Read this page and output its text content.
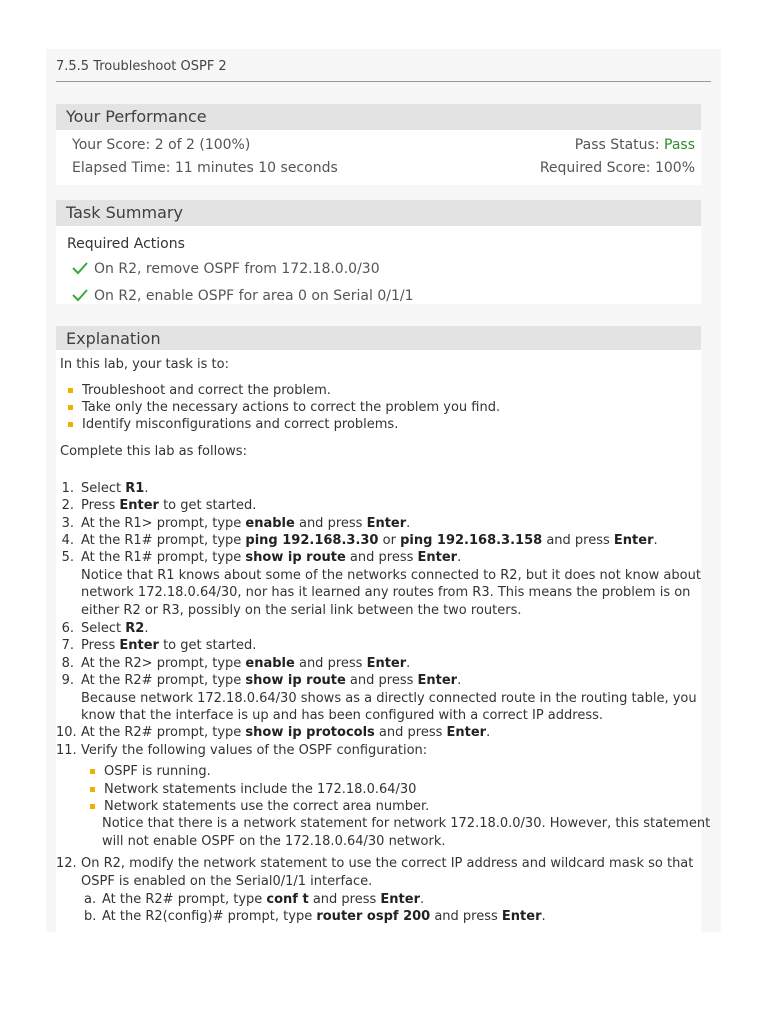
7.5.5 Troubleshoot OSPF 2
Your Performance
Your Score: 2 of 2 (100%)	Pass Status: Pass
Elapsed Time: 11 minutes 10 seconds	Required Score: 100%
Task Summary
Required Actions
On R2, remove OSPF from 172.18.0.0/30
On R2, enable OSPF for area 0 on Serial 0/1/1
Explanation

In this lab, your task is to:

Troubleshoot and correct the problem.
Take only the necessary actions to correct the problem you find.
Identify misconfigurations and correct problems.

Complete this lab as follows:

1. Select R1.
2. Press Enter to get started.
3. At the R1> prompt, type enable and press Enter.
4. At the R1# prompt, type ping 192.168.3.30 or ping 192.168.3.158 and press Enter.
5. At the R1# prompt, type show ip route and press Enter.
Notice that R1 knows about some of the networks connected to R2, but it does not know about
network 172.18.0.64/30, nor has it learned any routes from R3. This means the problem is on
either R2 or R3, possibly on the serial link between the two routers.
6. Select R2.
7. Press Enter to get started.
8. At the R2> prompt, type enable and press Enter.
9. At the R2# prompt, type show ip route and press Enter.
Because network 172.18.0.64/30 shows as a directly connected route in the routing table, you
know that the interface is up and has been configured with a correct IP address.
10. At the R2# prompt, type show ip protocols and press Enter.
11. Verify the following values of the OSPF configuration:
OSPF is running.
Network statements include the 172.18.0.64/30
Network statements use the correct area number.
Notice that there is a network statement for network 172.18.0.0/30. However, this statement
will not enable OSPF on the 172.18.0.64/30 network.
12. On R2, modify the network statement to use the correct IP address and wildcard mask so that
OSPF is enabled on the Serial0/1/1 interface.
a. At the R2# prompt, type conf t and press Enter.
b. At the R2(config)# prompt, type router ospf 200 and press Enter.
